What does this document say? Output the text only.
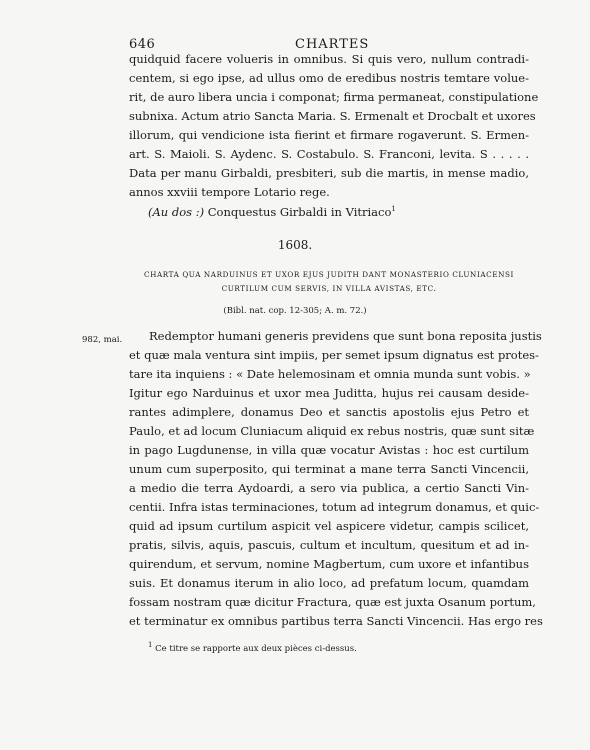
646	CHARTES
quidquid facere volueris in omnibus. Si quis vero, nullum contradi-
centem, si ego ipse, ad ullus omo de eredibus nostris temtare volue-
rit, de auro libera uncia i componat; firma permaneat, constipulatione
subnixa. Actum atrio Sancta Maria. S. Ermenalt et Drocbalt et uxores
illorum, qui vendicione ista fierint et firmare rogaverunt. S. Ermen-
art. S. Maioli. S. Aydenc. S. Costabulo. S. Franconi, levita. S . . . . .
Data per manu Girbaldi, presbiteri, sub die martis, in mense madio,
annos xxviii tempore Lotario rege.
(Au dos :) Conquestus Girbaldi in Vitriaco$^1$
1608.
CHARTA QUA NARDUINUS ET UXOR EJUS JUDITH DANT MONASTERIO CLUNIACENSI
CURTILUM CUM SERVIS, IN VILLA AVISTAS, ETC.
(Bibl. nat. cop. 12-305; A. m. 72.)
982, mai.	Redemptor humani generis previdens que sunt bona reposita justis
et quæ mala ventura sint impiis, per semet ipsum dignatus est protes-
tare ita inquiens : « Date helemosinam et omnia munda sunt vobis. »
Igitur ego Narduinus et uxor mea Juditta, hujus rei causam deside-
rantes adimplere, donamus Deo et sanctis apostolis ejus Petro et
Paulo, et ad locum Cluniacum aliquid ex rebus nostris, quæ sunt sitæ
in pago Lugdunense, in villa quæ vocatur Avistas : hoc est curtilum
unum cum superposito, qui terminat a mane terra Sancti Vincencii,
a medio die terra Aydoardi, a sero via publica, a certio Sancti Vin-
centii. Infra istas terminaciones, totum ad integrum donamus, et quic-
quid ad ipsum curtilum aspicit vel aspicere videtur, campis scilicet,
pratis, silvis, aquis, pascuis, cultum et incultum, quesitum et ad in-
quirendum, et servum, nomine Magbertum, cum uxore et infantibus
suis. Et donamus iterum in alio loco, ad prefatum locum, quamdam
fossam nostram quæ dicitur Fractura, quæ est juxta Osanum portum,
et terminatur ex omnibus partibus terra Sancti Vincencii. Has ergo res
$^1$ Ce titre se rapporte aux deux pièces ci-dessus.
